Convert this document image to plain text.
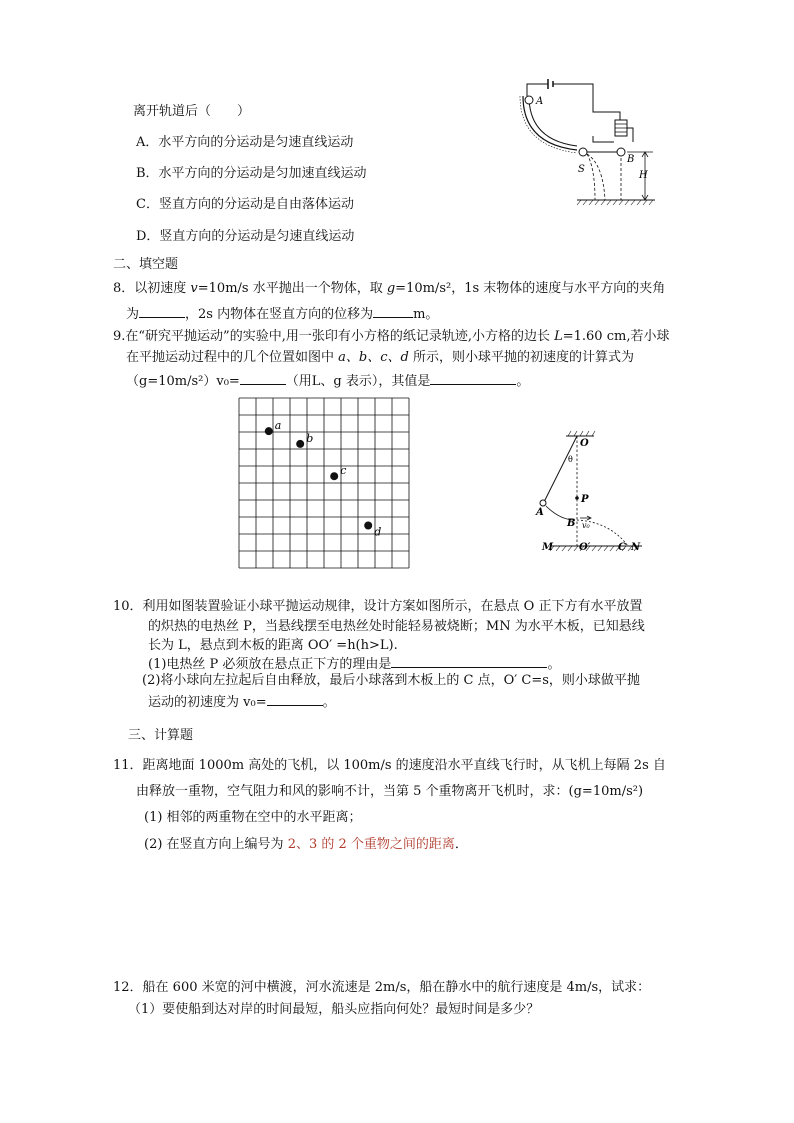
A
S
B
H
离开轨道后（　　）
A．水平方向的分运动是匀速直线运动
B．水平方向的分运动是匀加速直线运动
C．竖直方向的分运动是自由落体运动
D．竖直方向的分运动是匀速直线运动
二、填空题
8．以初速度 v=10m/s 水平抛出一个物体，取 g=10m/s²，1s 末物体的速度与水平方向的夹角
为	，2s 内物体在竖直方向的位移为	m。
9.在“研究平抛运动”的实验中,用一张印有小方格的纸记录轨迹,小方格的边长 L=1.60 cm,若小球
在平抛运动过程中的几个位置如图中 a、b、c、d 所示，则小球平抛的初速度的计算式为
（g=10m/s²）v₀=	（用L、g 表示），其值是	。
a
b
c
d
O
θ
P
A
B v₀
M	O′	C N
10．利用如图装置验证小球平抛运动规律，设计方案如图所示，在悬点 O 正下方有水平放置
的炽热的电热丝 P，当悬线摆至电热丝处时能轻易被烧断；MN 为水平木板，已知悬线
长为 L，悬点到木板的距离 OO′ =h(h>L).
(1)电热丝 P 必须放在悬点正下方的理由是	。
(2)将小球向左拉起后自由释放，最后小球落到木板上的 C 点，O′ C=s，则小球做平抛
运动的初速度为 v₀=	。
三、计算题
11．距离地面 1000m 高处的飞机，以 100m/s 的速度沿水平直线飞行时，从飞机上每隔 2s 自
由释放一重物，空气阻力和风的影响不计，当第 5 个重物离开飞机时，求：(g=10m/s²)
(1) 相邻的两重物在空中的水平距离；
(2) 在竖直方向上编号为 2、3 的 2 个重物之间的距离．
12．船在 600 米宽的河中横渡，河水流速是 2m/s，船在静水中的航行速度是 4m/s，试求：
（1）要使船到达对岸的时间最短，船头应指向何处？最短时间是多少？
